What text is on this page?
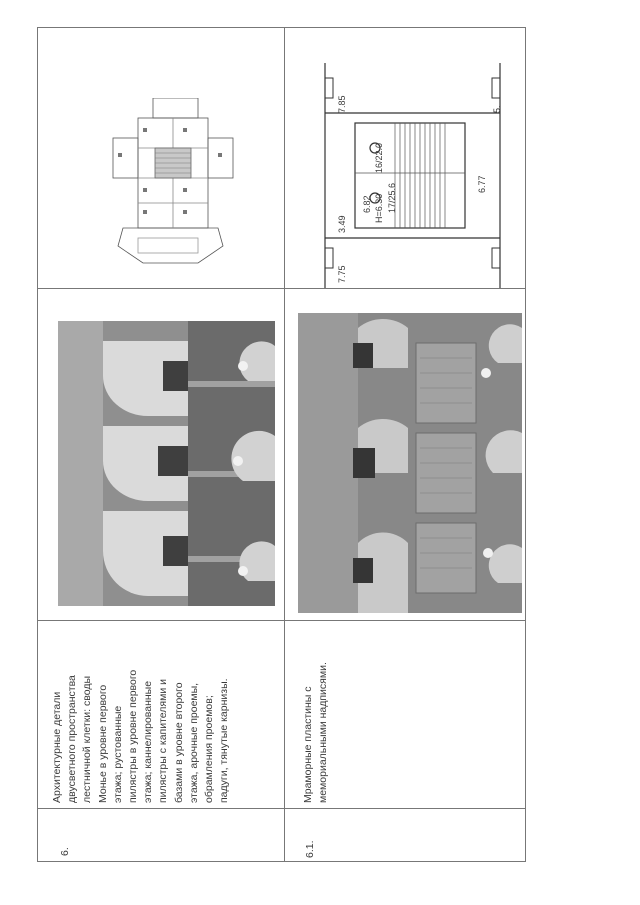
6.
Архитектурные детали двусветного пространства лестничной клетки: своды Монье в уровне первого этажа; рустованные пилястры в уровне первого этажа; каннелированные пилястры с капителями и базами в уровне второго этажа, арочные проемы, обрамления проемов; падуги, тянутые карнизы.
6.1.
Мраморные пластины с мемориальными надписями.
7.75
6.82 Н=6.30
16/22.0
17/25.6	6.77
7.85
3.49
5.
